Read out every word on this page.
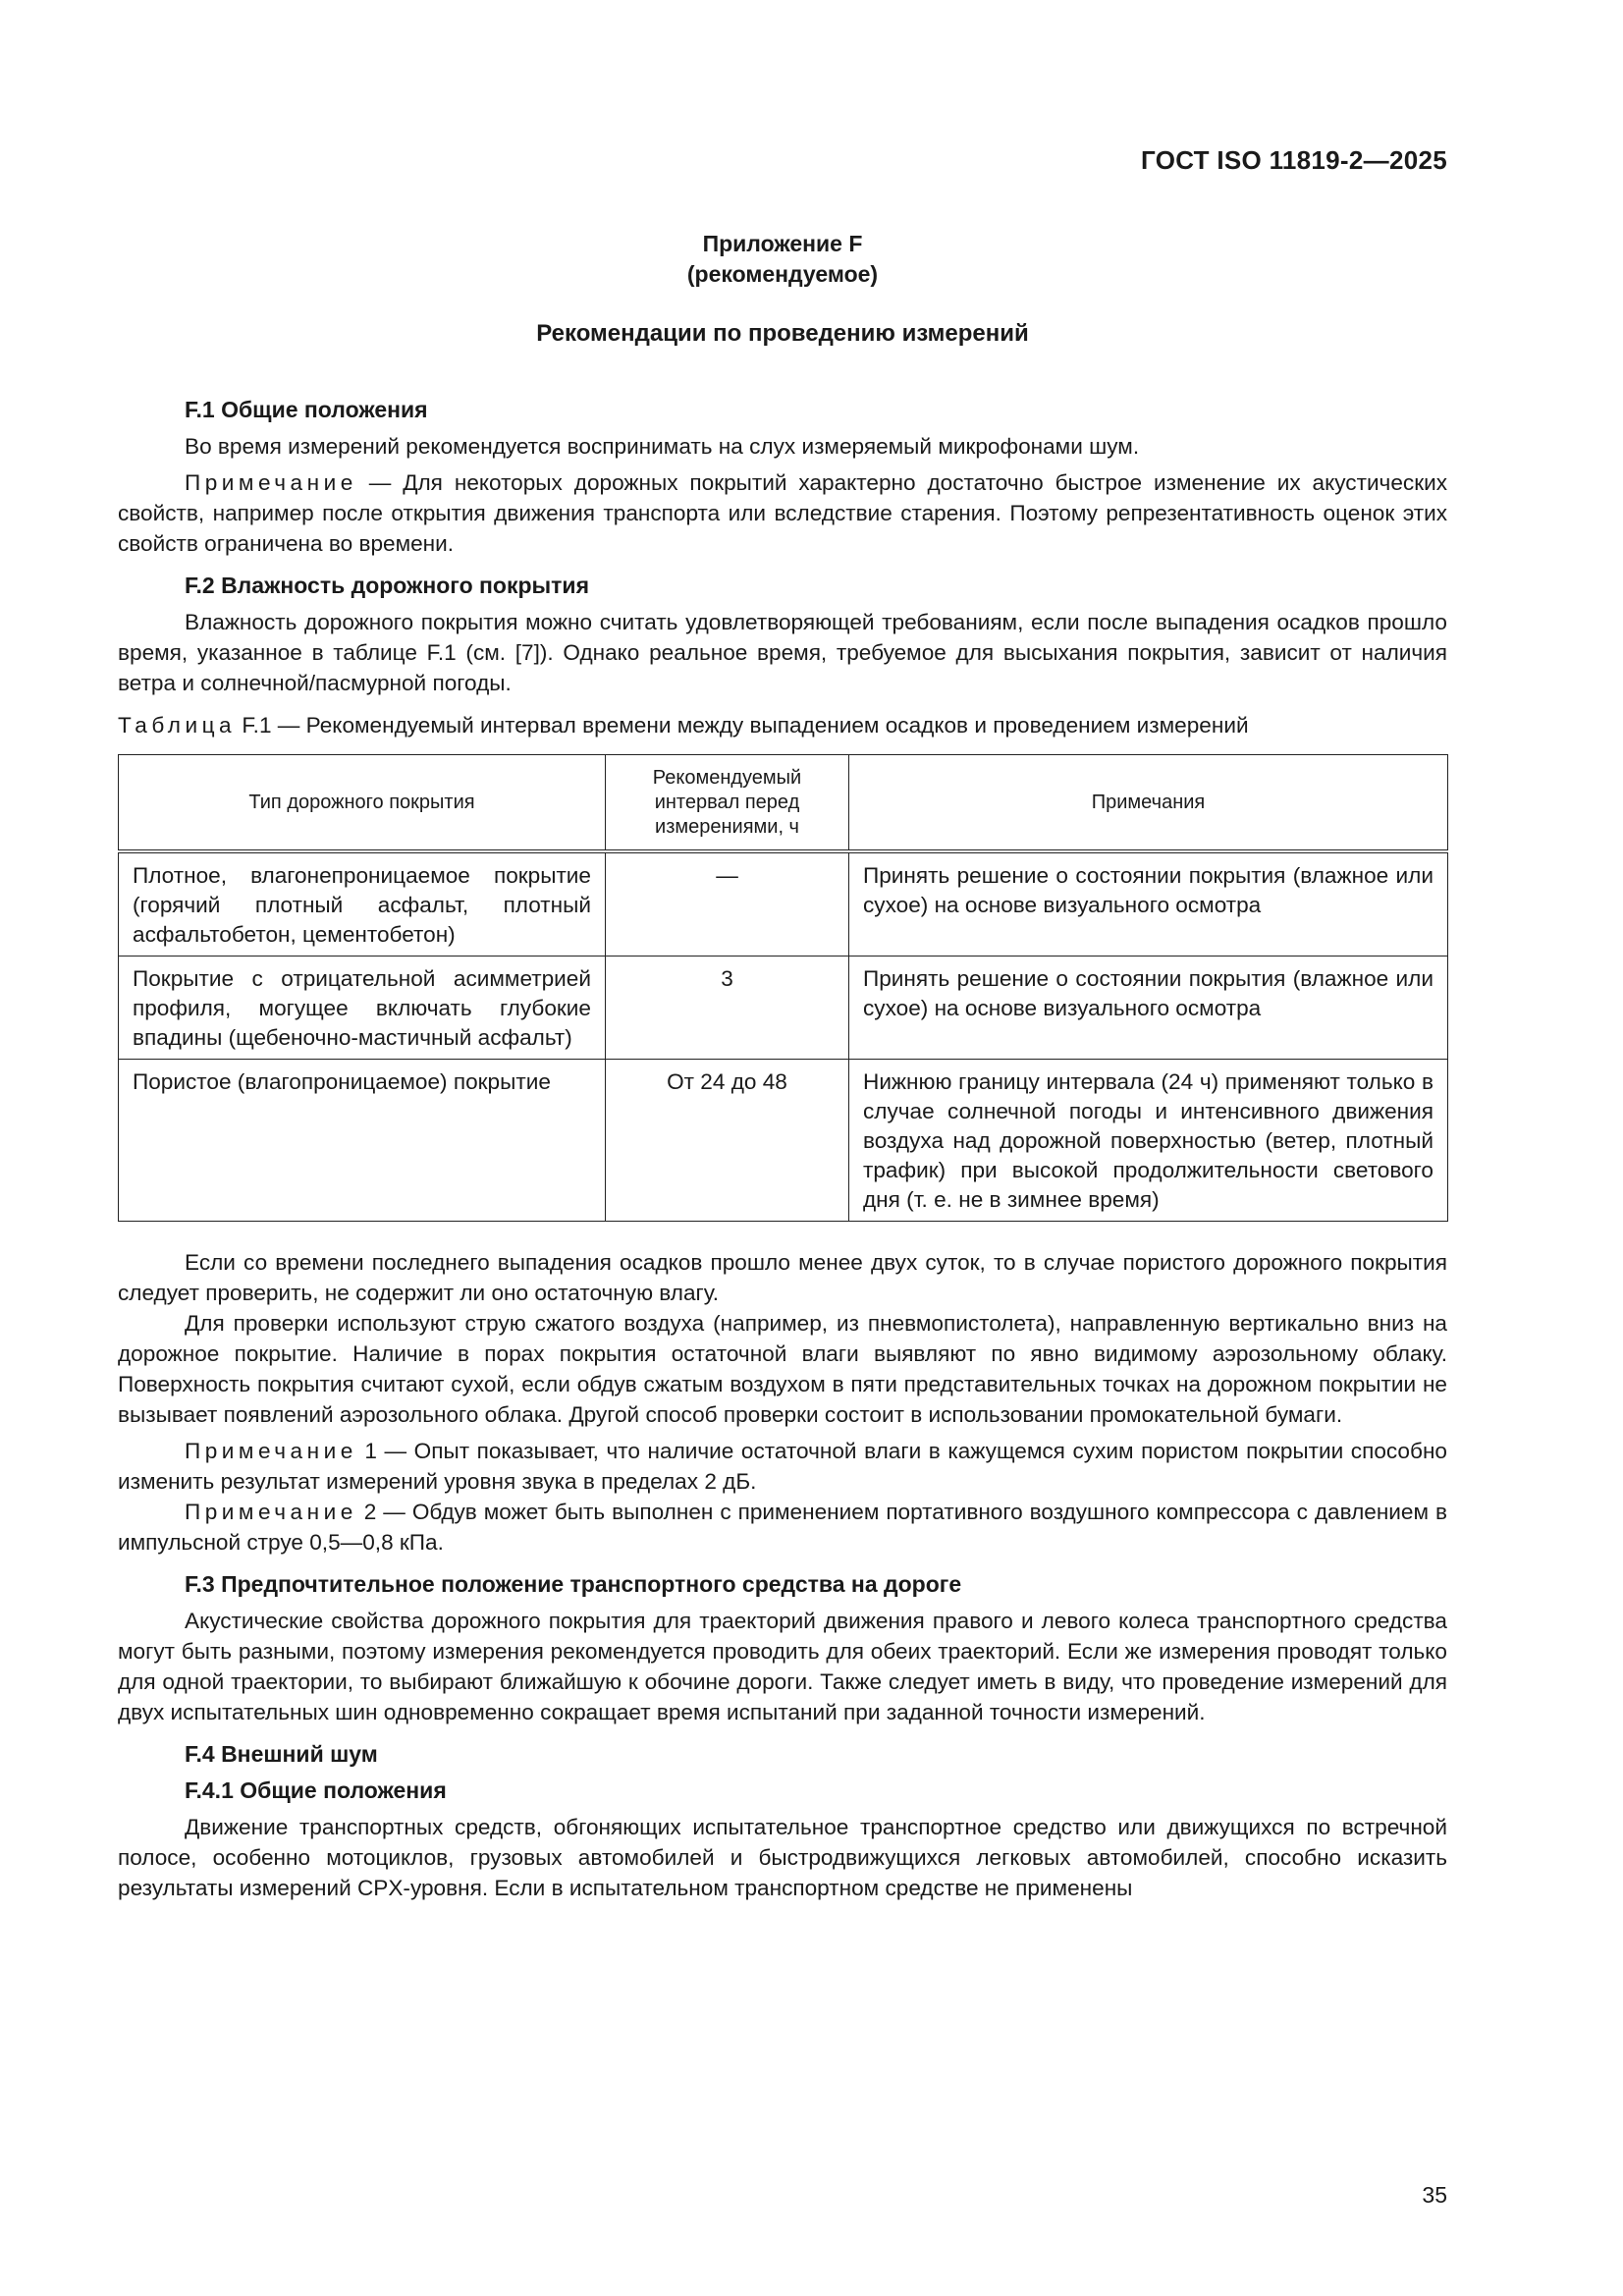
ГОСТ ISO 11819-2—2025
Приложение F
(рекомендуемое)
Рекомендации по проведению измерений

F.1 Общие положения

Во время измерений рекомендуется воспринимать на слух измеряемый микрофонами шум.

Примечание — Для некоторых дорожных покрытий характерно достаточно быстрое изменение их акустических свойств, например после открытия движения транспорта или вследствие старения. Поэтому репрезентативность оценок этих свойств ограничена во времени.

F.2 Влажность дорожного покрытия

Влажность дорожного покрытия можно считать удовлетворяющей требованиям, если после выпадения осадков прошло время, указанное в таблице F.1 (см. [7]). Однако реальное время, требуемое для высыхания покрытия, зависит от наличия ветра и солнечной/пасмурной погоды.

Таблица F.1 — Рекомендуемый интервал времени между выпадением осадков и проведением измерений

Тип дорожного покрытия	Рекомендуемый интервал перед измерениями, ч	Примечания
Плотное, влагонепроницаемое покрытие (горячий плотный асфальт, плотный асфальтобетон, цементобетон)	—	Принять решение о состоянии покрытия (влажное или сухое) на основе визуального осмотра
Покрытие с отрицательной асимметрией профиля, могущее включать глубокие впадины (щебеночно-мастичный асфальт)	3	Принять решение о состоянии покрытия (влажное или сухое) на основе визуального осмотра
Пористое (влагопроницаемое) покрытие	От 24 до 48	Нижнюю границу интервала (24 ч) применяют только в случае солнечной погоды и интенсивного движения воздуха над дорожной поверхностью (ветер, плотный трафик) при высокой продолжительности светового дня (т. е. не в зимнее время)

Если со времени последнего выпадения осадков прошло менее двух суток, то в случае пористого дорожного покрытия следует проверить, не содержит ли оно остаточную влагу.

Для проверки используют струю сжатого воздуха (например, из пневмопистолета), направленную вертикально вниз на дорожное покрытие. Наличие в порах покрытия остаточной влаги выявляют по явно видимому аэрозольному облаку. Поверхность покрытия считают сухой, если обдув сжатым воздухом в пяти представительных точках на дорожном покрытии не вызывает появлений аэрозольного облака. Другой способ проверки состоит в использовании промокательной бумаги.

Примечание 1 — Опыт показывает, что наличие остаточной влаги в кажущемся сухим пористом покрытии способно изменить результат измерений уровня звука в пределах 2 дБ.

Примечание 2 — Обдув может быть выполнен с применением портативного воздушного компрессора с давлением в импульсной струе 0,5—0,8 кПа.

F.3 Предпочтительное положение транспортного средства на дороге

Акустические свойства дорожного покрытия для траекторий движения правого и левого колеса транспортного средства могут быть разными, поэтому измерения рекомендуется проводить для обеих траекторий. Если же измерения проводят только для одной траектории, то выбирают ближайшую к обочине дороги. Также следует иметь в виду, что проведение измерений для двух испытательных шин одновременно сокращает время испытаний при заданной точности измерений.

F.4 Внешний шум

F.4.1 Общие положения

Движение транспортных средств, обгоняющих испытательное транспортное средство или движущихся по встречной полосе, особенно мотоциклов, грузовых автомобилей и быстродвижущихся легковых автомобилей, способно исказить результаты измерений CPX-уровня. Если в испытательном транспортном средстве не применены

35
